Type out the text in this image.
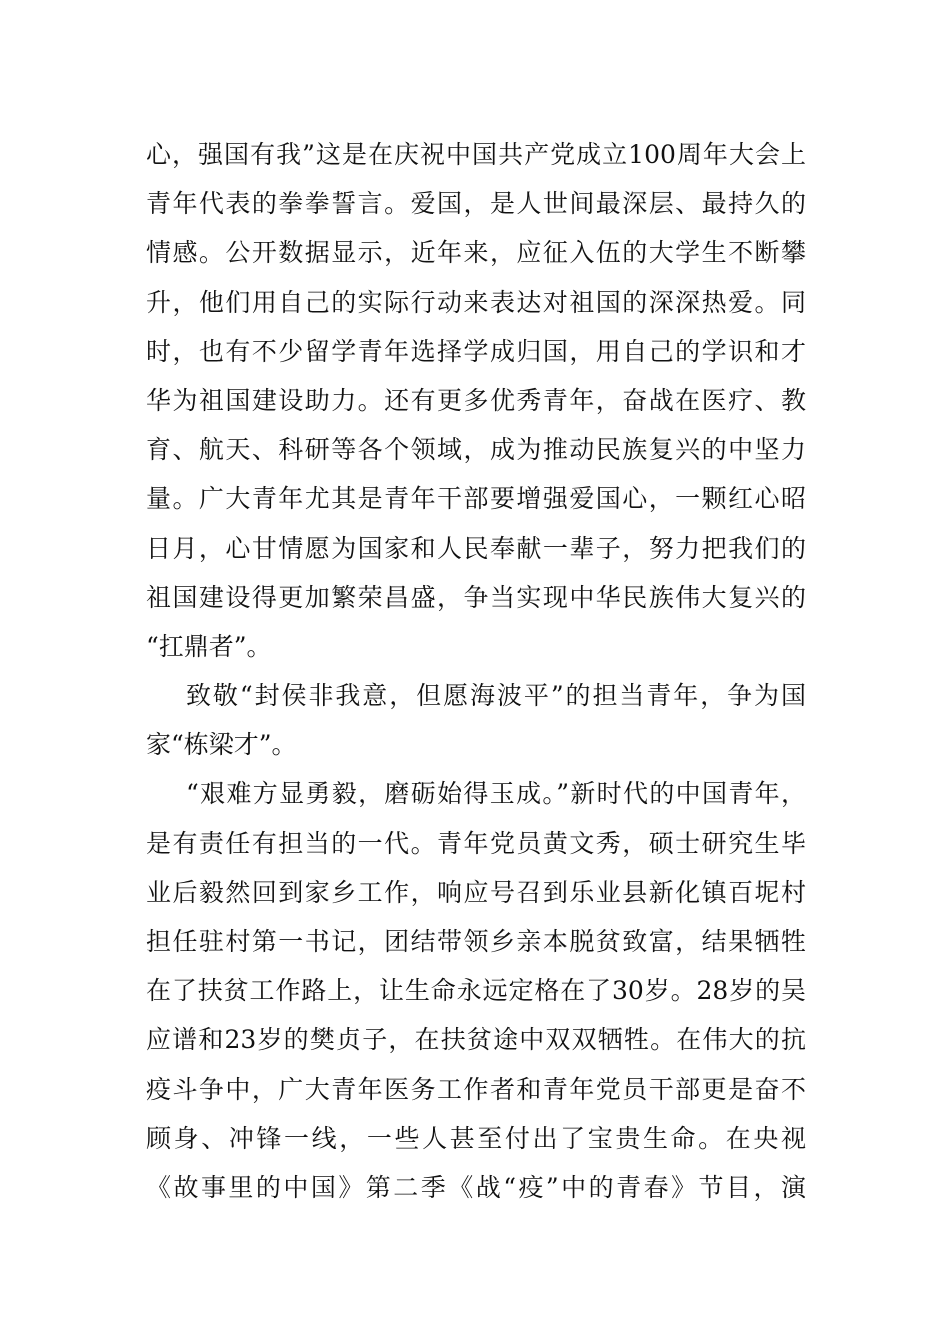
心，强国有我”这是在庆祝中国共产党成立100周年大会上
青年代表的拳拳誓言。爱国，是人世间最深层、最持久的
情感。公开数据显示，近年来，应征入伍的大学生不断攀
升，他们用自己的实际行动来表达对祖国的深深热爱。同
时，也有不少留学青年选择学成归国，用自己的学识和才
华为祖国建设助力。还有更多优秀青年，奋战在医疗、教
育、航天、科研等各个领域，成为推动民族复兴的中坚力
量。广大青年尤其是青年干部要增强爱国心，一颗红心昭
日月，心甘情愿为国家和人民奉献一辈子，努力把我们的
祖国建设得更加繁荣昌盛，争当实现中华民族伟大复兴的
“扛鼎者”。
致敬“封侯非我意，但愿海波平”的担当青年，争为国
家“栋梁才”。
“艰难方显勇毅，磨砺始得玉成。”新时代的中国青年，
是有责任有担当的一代。青年党员黄文秀，硕士研究生毕
业后毅然回到家乡工作，响应号召到乐业县新化镇百坭村
担任驻村第一书记，团结带领乡亲本脱贫致富，结果牺牲
在了扶贫工作路上，让生命永远定格在了30岁。28岁的吴
应谱和23岁的樊贞子，在扶贫途中双双牺牲。在伟大的抗
疫斗争中，广大青年医务工作者和青年党员干部更是奋不
顾身、冲锋一线，一些人甚至付出了宝贵生命。在央视
《故事里的中国》第二季《战“疫”中的青春》节目，演
